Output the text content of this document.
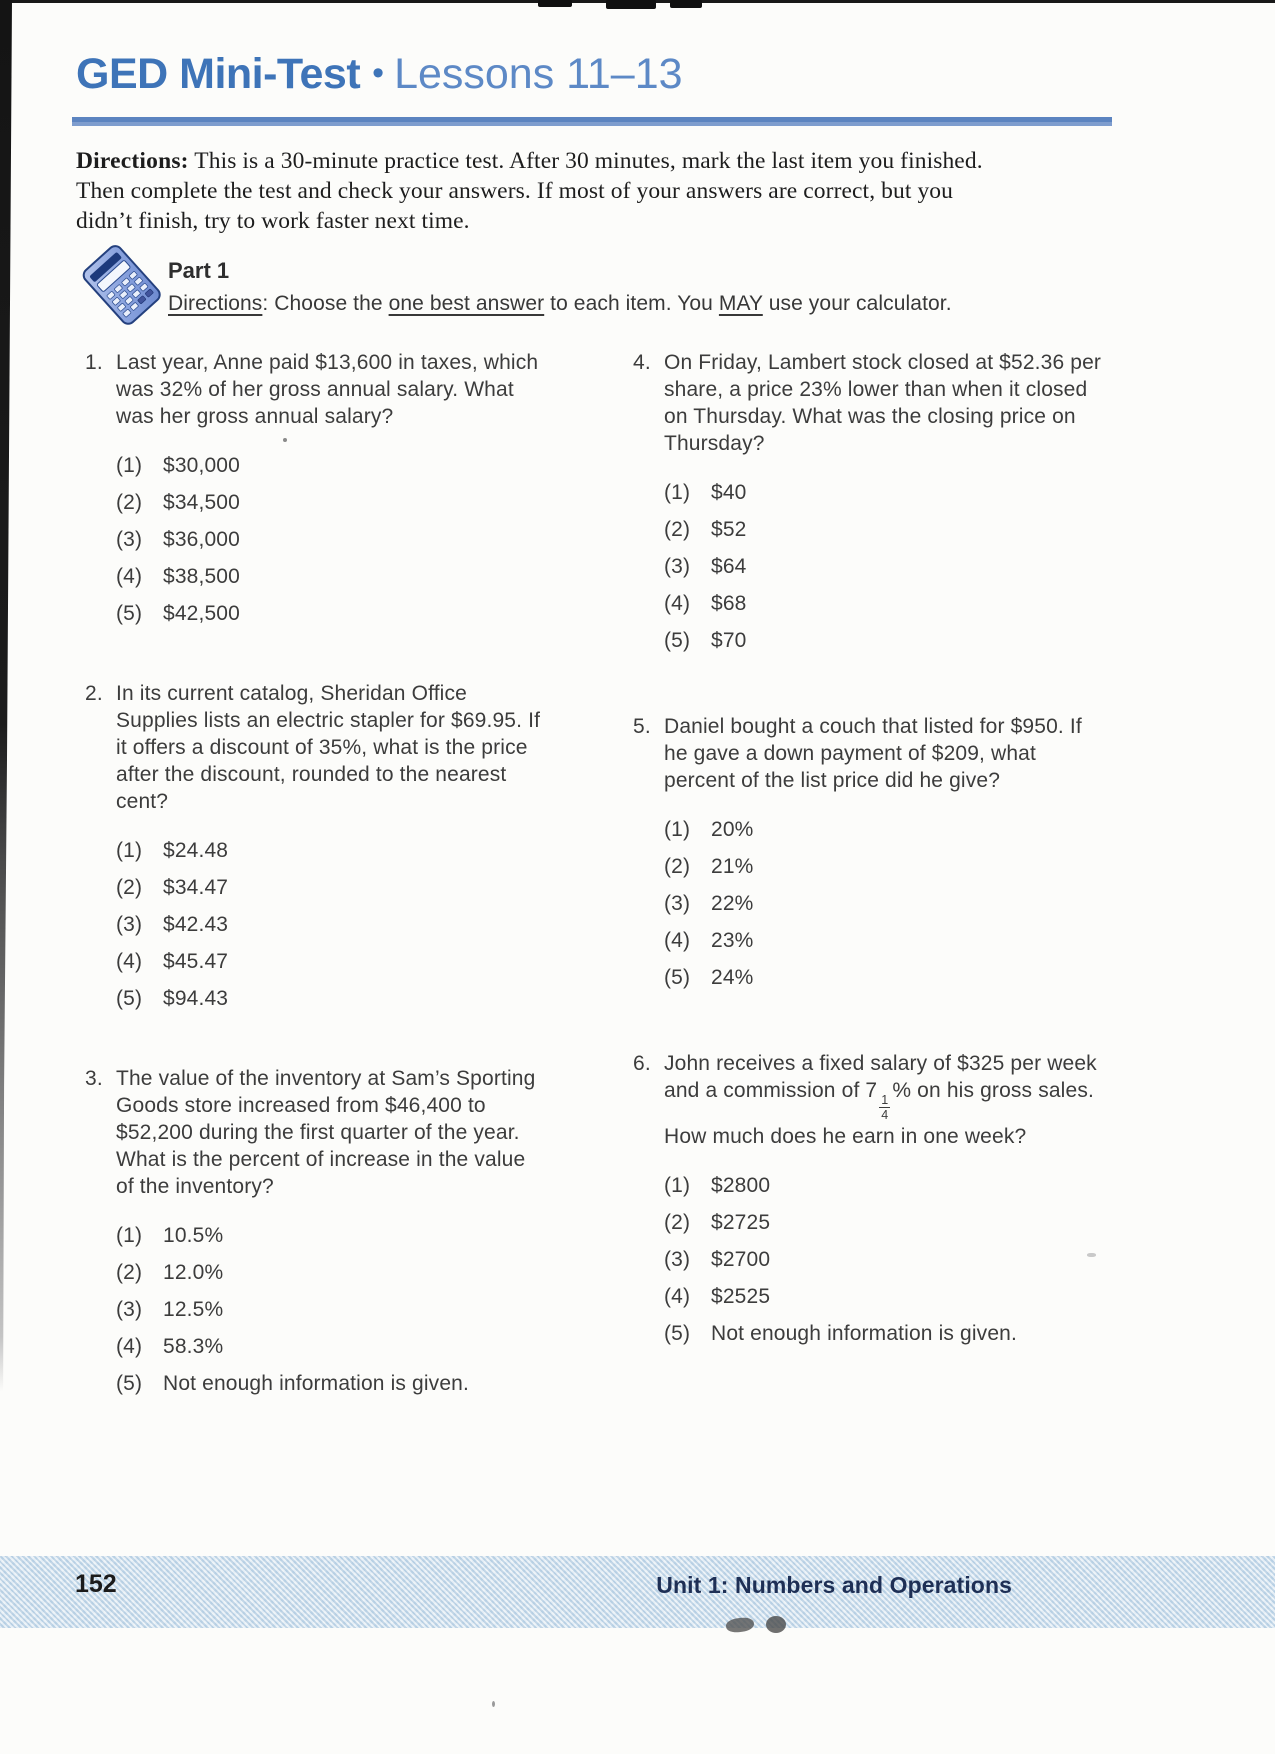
GED Mini-Test • Lessons 11–13
Directions: This is a 30-minute practice test. After 30 minutes, mark the last item you finished.
Then complete the test and check your answers. If most of your answers are correct, but you
didn’t finish, try to work faster next time.
Part 1
Directions: Choose the one best answer to each item. You MAY use your calculator.
1. Last year, Anne paid $13,600 in taxes, which
was 32% of her gross annual salary. What
was her gross annual salary?
(1) $30,000
(2) $34,500
(3) $36,000
(4) $38,500
(5) $42,500
2. In its current catalog, Sheridan Office
Supplies lists an electric stapler for $69.95. If
it offers a discount of 35%, what is the price
after the discount, rounded to the nearest
cent?
(1) $24.48
(2) $34.47
(3) $42.43
(4) $45.47
(5) $94.43
3. The value of the inventory at Sam’s Sporting
Goods store increased from $46,400 to
$52,200 during the first quarter of the year.
What is the percent of increase in the value
of the inventory?
(1) 10.5%
(2) 12.0%
(3) 12.5%
(4) 58.3%
(5) Not enough information is given.
4. On Friday, Lambert stock closed at $52.36 per
share, a price 23% lower than when it closed
on Thursday. What was the closing price on
Thursday?
(1) $40
(2) $52
(3) $64
(4) $68
(5) $70
5. Daniel bought a couch that listed for $950. If
he gave a down payment of $209, what
percent of the list price did he give?
(1) 20%
(2) 21%
(3) 22%
(4) 23%
(5) 24%
6. John receives a fixed salary of $325 per week
and a commission of 7
$\frac{1}{4}$
% on his gross sales.
How much does he earn in one week?
(1) $2800
(2) $2725
(3) $2700
(4) $2525
(5) Not enough information is given.
152	Unit 1: Numbers and Operations
